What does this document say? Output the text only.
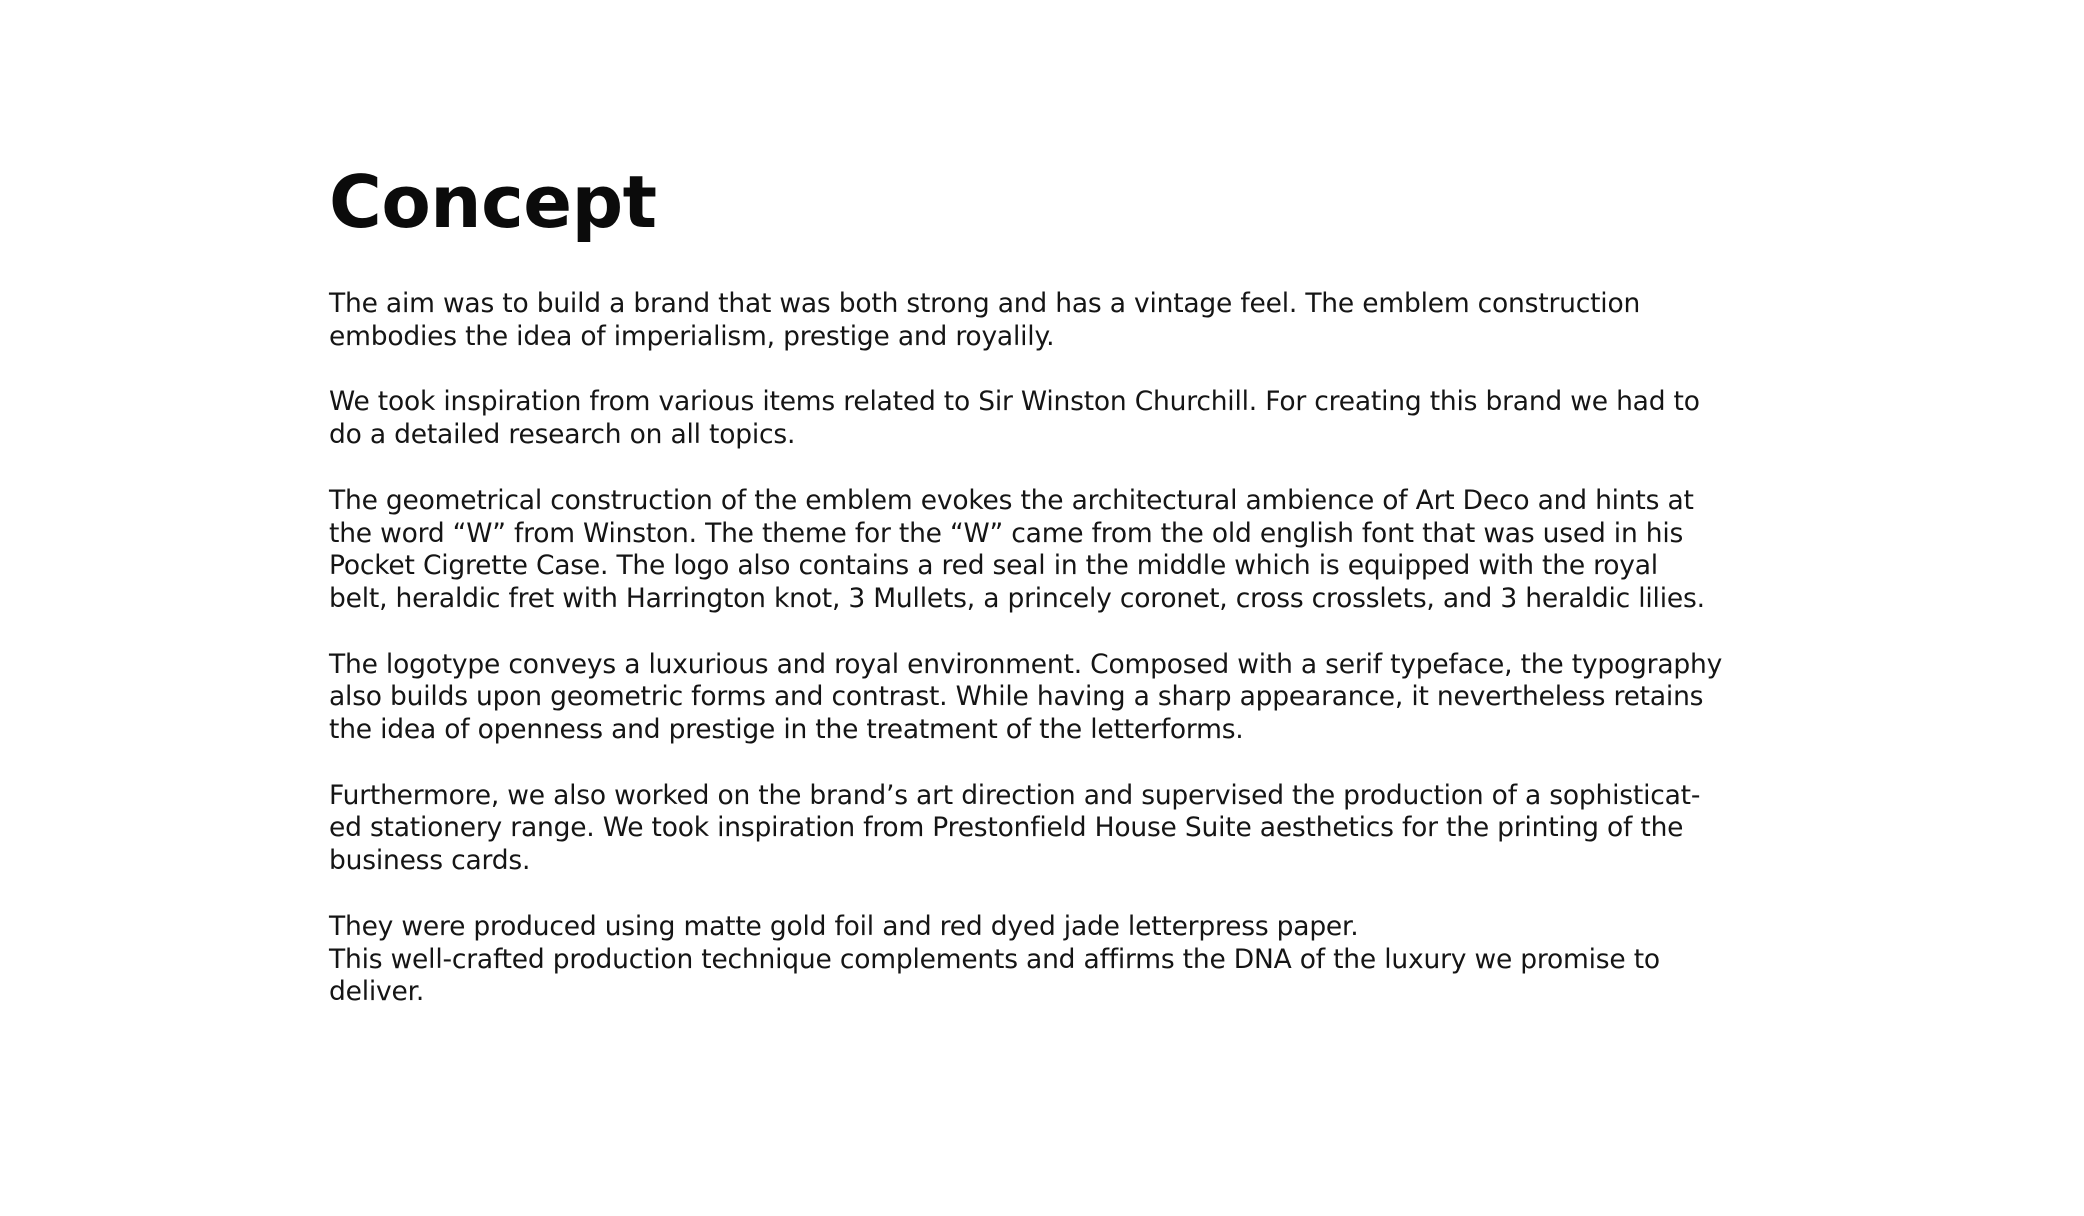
Concept

The aim was to build a brand that was both strong and has a vintage feel. The emblem construction
embodies the idea of imperialism, prestige and royalily.

We took inspiration from various items related to Sir Winston Churchill. For creating this brand we had to
do a detailed research on all topics.

The geometrical construction of the emblem evokes the architectural ambience of Art Deco and hints at
the word “W” from Winston. The theme for the “W” came from the old english font that was used in his
Pocket Cigrette Case. The logo also contains a red seal in the middle which is equipped with the royal
belt, heraldic fret with Harrington knot, 3 Mullets, a princely coronet, cross crosslets, and 3 heraldic lilies.

The logotype conveys a luxurious and royal environment. Composed with a serif typeface, the typography
also builds upon geometric forms and contrast. While having a sharp appearance, it nevertheless retains
the idea of openness and prestige in the treatment of the letterforms.

Furthermore, we also worked on the brand’s art direction and supervised the production of a sophisticat-
ed stationery range. We took inspiration from Prestonfield House Suite aesthetics for the printing of the
business cards.

They were produced using matte gold foil and red dyed jade letterpress paper.
This well-crafted production technique complements and affirms the DNA of the luxury we promise to
deliver.
